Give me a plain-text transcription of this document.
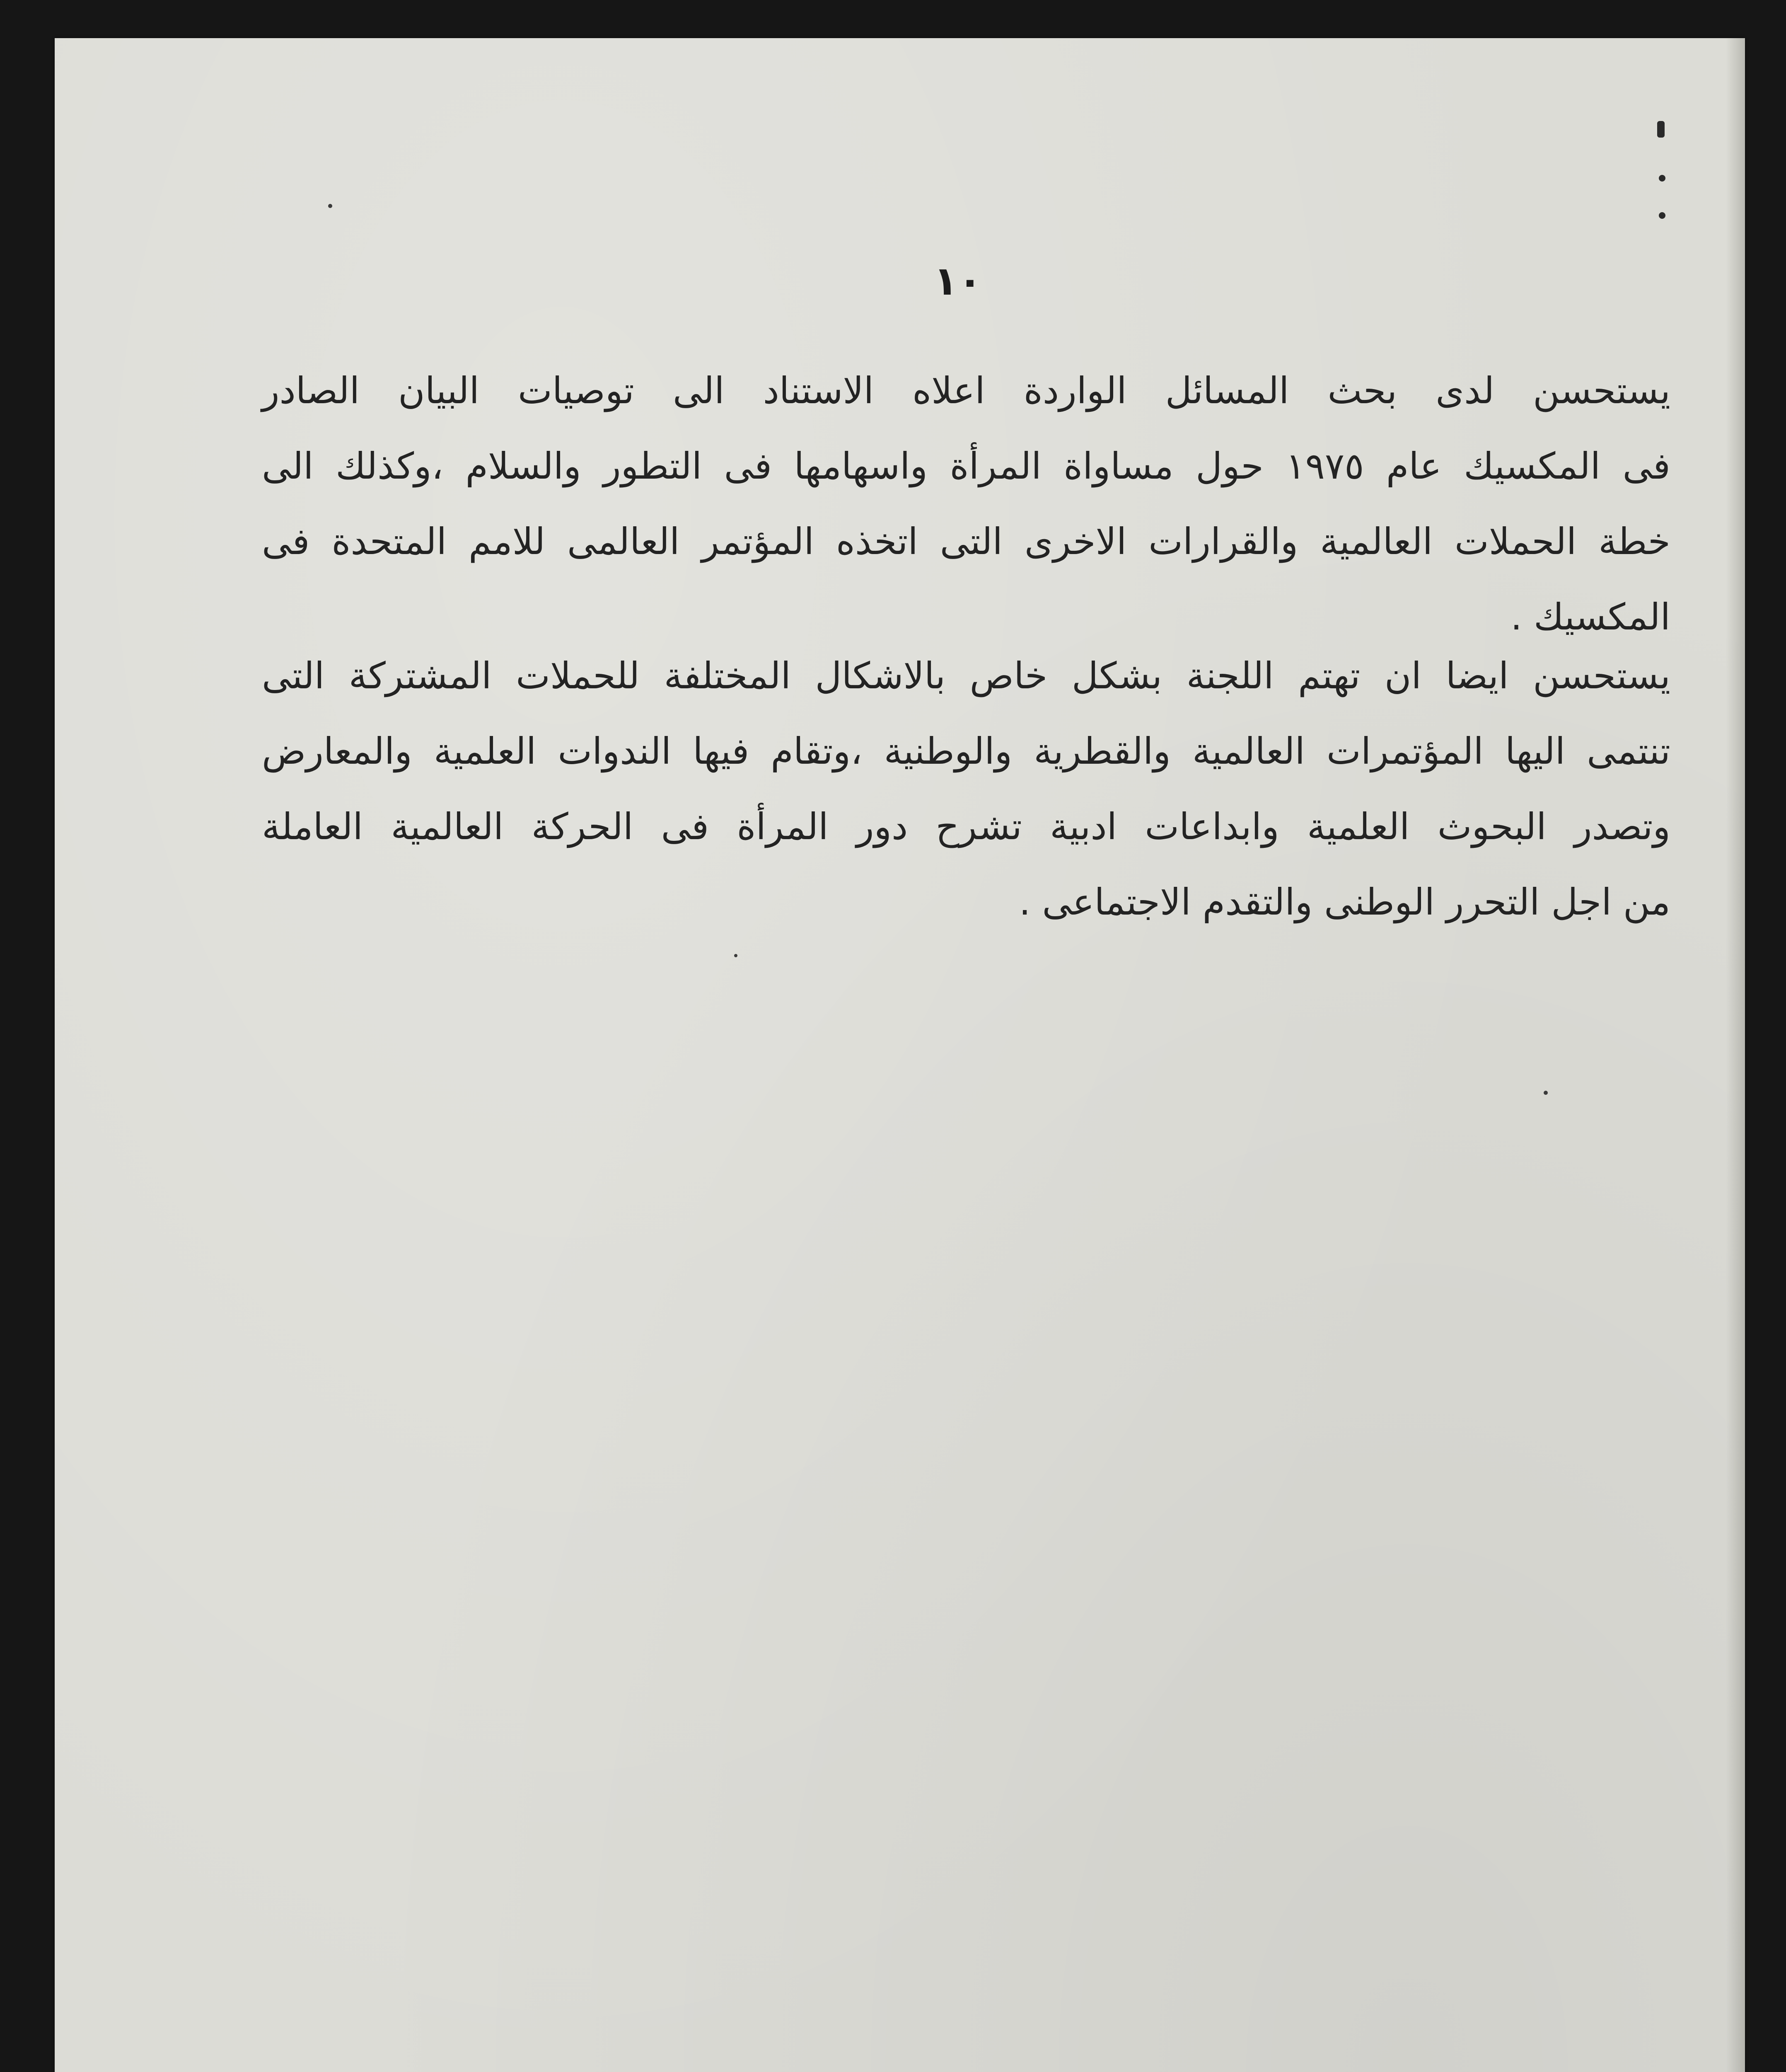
١٠
يستحسن لدى بحث المسائل الواردة اعلاه الاستناد الى توصيات البيان الصادر
فى المكسيك عام ١٩٧٥ حول مساواة المرأة واسهامها فى التطور والسلام ،وكذلك الى
خطة الحملات العالمية والقرارات الاخرى التى اتخذه المؤتمر العالمى للامم المتحدة فى
المكسيك .
يستحسن ايضا ان تهتم اللجنة بشكل خاص بالاشكال المختلفة للحملات المشتركة التى
تنتمى اليها المؤتمرات العالمية والقطرية والوطنية ،وتقام فيها الندوات العلمية والمعارض
وتصدر البحوث العلمية وابداعات ادبية تشرح دور المرأة فى الحركة العالمية العاملة
من اجل التحرر الوطنى والتقدم الاجتماعى .
